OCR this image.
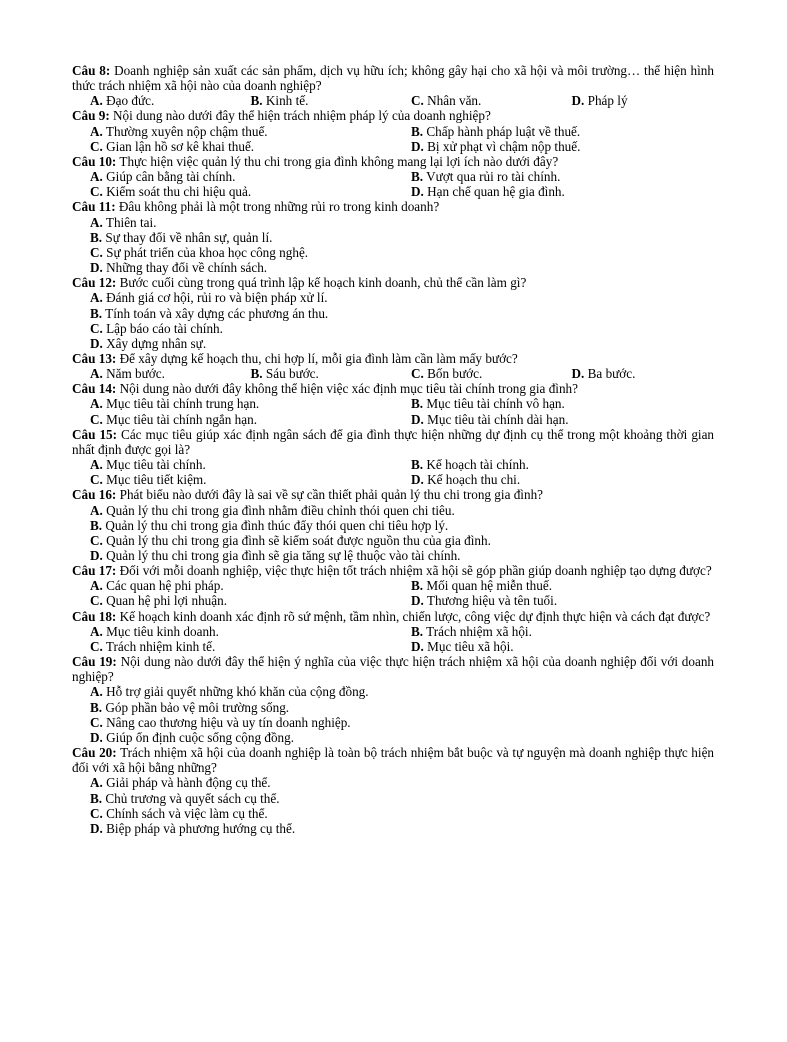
Câu 8: Doanh nghiệp sản xuất các sản phẩm, dịch vụ hữu ích; không gây hại cho xã hội và môi trường… thể hiện hình thức trách nhiệm xã hội nào của doanh nghiệp?
A. Đạo đức.	B. Kinh tế.	C. Nhân văn.	D. Pháp lý
Câu 9: Nội dung nào dưới đây thể hiện trách nhiệm pháp lý của doanh nghiệp?
A. Thường xuyên nộp chậm thuế.	B. Chấp hành pháp luật về thuế.
C. Gian lận hồ sơ kê khai thuế.	D. Bị xử phạt vì chậm nộp thuế.
Câu 10: Thực hiện việc quản lý thu chi trong gia đình không mang lại lợi ích nào dưới đây?
A. Giúp cân bằng tài chính.	B. Vượt qua rủi ro tài chính.
C. Kiểm soát thu chi hiệu quả.	D. Hạn chế quan hệ gia đình.
Câu 11: Đâu không phải là một trong những rủi ro trong kinh doanh?
A. Thiên tai.
B. Sự thay đổi về nhân sự, quản lí.
C. Sự phát triển của khoa học công nghệ.
D. Những thay đổi về chính sách.
Câu 12: Bước cuối cùng trong quá trình lập kế hoạch kinh doanh, chủ thể cần làm gì?
A. Đánh giá cơ hội, rủi ro và biện pháp xử lí.
B. Tính toán và xây dựng các phương án thu.
C. Lập báo cáo tài chính.
D. Xây dựng nhân sự.
Câu 13: Để xây dựng kế hoạch thu, chi hợp lí, mỗi gia đình làm cần làm mấy bước?
A. Năm bước.	B. Sáu bước.	C. Bốn bước.	D. Ba bước.
Câu 14: Nội dung nào dưới đây không thể hiện việc xác định mục tiêu tài chính trong gia đình?
A. Mục tiêu tài chính trung hạn.	B. Mục tiêu tài chính vô hạn.
C. Mục tiêu tài chính ngắn hạn.	D. Mục tiêu tài chính dài hạn.
Câu 15: Các mục tiêu giúp xác định ngân sách để gia đình thực hiện những dự định cụ thể trong một khoảng thời gian nhất định được gọi là?
A. Mục tiêu tài chính.	B. Kế hoạch tài chính.
C. Mục tiêu tiết kiệm.	D. Kế hoạch thu chi.
Câu 16: Phát biểu nào dưới đây là sai về sự cần thiết phải quản lý thu chi trong gia đình?
A. Quản lý thu chi trong gia đình nhằm điều chỉnh thói quen chi tiêu.
B. Quản lý thu chi trong gia đình thúc đẩy thói quen chi tiêu hợp lý.
C. Quản lý thu chi trong gia đình sẽ kiểm soát được nguồn thu của gia đình.
D. Quản lý thu chi trong gia đình sẽ gia tăng sự lệ thuộc vào tài chính.
Câu 17: Đối với mỗi doanh nghiệp, việc thực hiện tốt trách nhiệm xã hội sẽ góp phần giúp doanh nghiệp tạo dựng được?
A. Các quan hệ phi pháp.	B. Mối quan hệ miễn thuế.
C. Quan hệ phi lợi nhuận.	D. Thương hiệu và tên tuổi.
Câu 18: Kế hoạch kinh doanh xác định rõ sứ mệnh, tầm nhìn, chiến lược, công việc dự định thực hiện và cách đạt được?
A. Mục tiêu kinh doanh.	B. Trách nhiệm xã hội.
C. Trách nhiệm kinh tế.	D. Mục tiêu xã hội.
Câu 19: Nội dung nào dưới đây thể hiện ý nghĩa của việc thực hiện trách nhiệm xã hội của doanh nghiệp đối với doanh nghiệp?
A. Hỗ trợ giải quyết những khó khăn của cộng đồng.
B. Góp phần bảo vệ môi trường sống.
C. Nâng cao thương hiệu và uy tín doanh nghiệp.
D. Giúp ổn định cuộc sống cộng đồng.
Câu 20: Trách nhiệm xã hội của doanh nghiệp là toàn bộ trách nhiệm bắt buộc và tự nguyện mà doanh nghiệp thực hiện đối với xã hội bằng những?
A. Giải pháp và hành động cụ thể.
B. Chủ trương và quyết sách cụ thể.
C. Chính sách và việc làm cụ thể.
D. Biệp pháp và phương hướng cụ thể.
